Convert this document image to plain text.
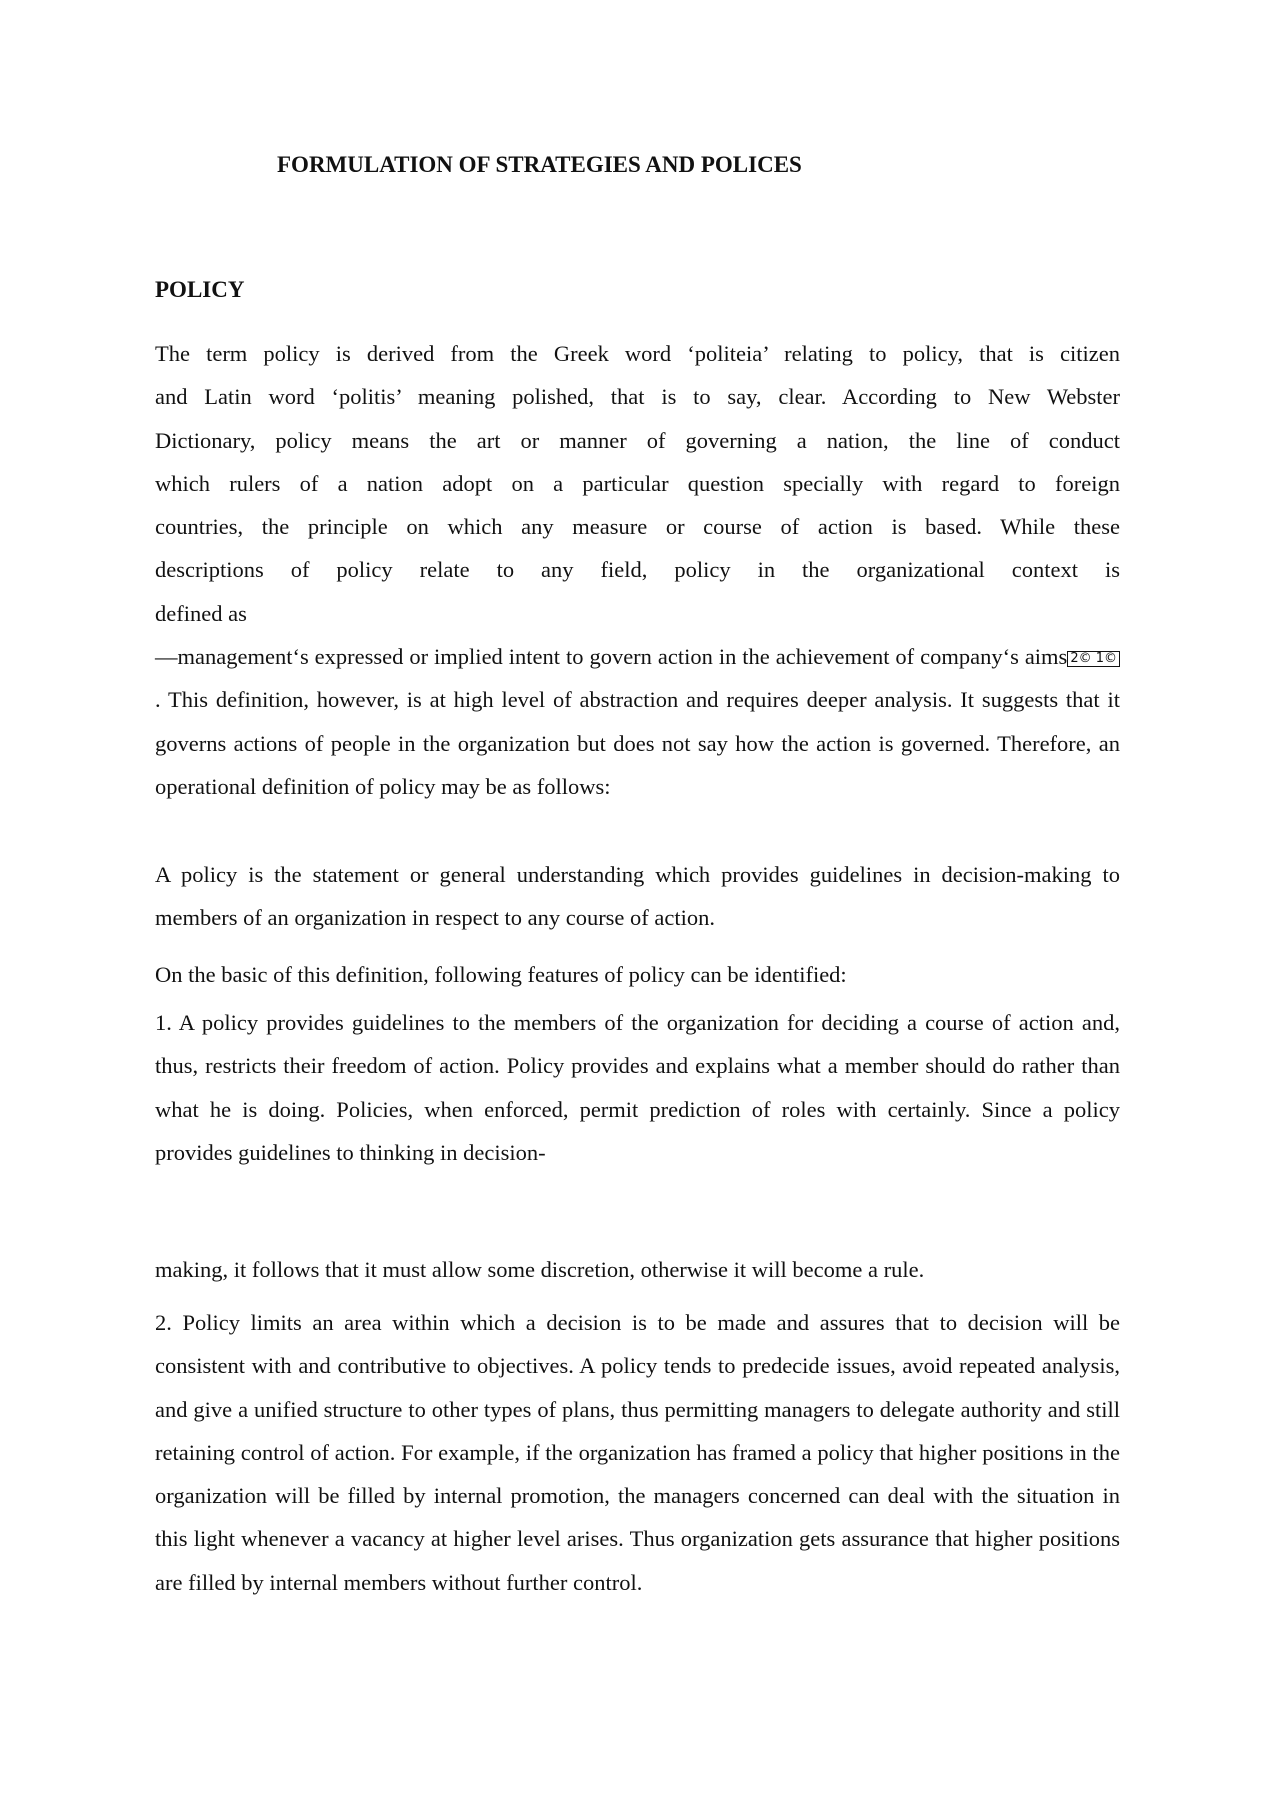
FORMULATION OF STRATEGIES AND POLICES
POLICY

The term policy is derived from the Greek word ‘politeia’ relating to policy, that is citizen

and Latin word ‘politis’ meaning polished, that is to say, clear. According to New Webster

Dictionary, policy means the art or manner of governing a nation, the line of conduct

which rulers of a nation adopt on a particular question specially with regard to foreign

countries, the principle on which any measure or course of action is based. While these

descriptions of policy relate to any field, policy in the organizational context is

defined as

—management‘s expressed or implied intent to govern action in the achievement of company‘s aims 2© 1©. This definition, however, is at high level of abstraction and requires deeper analysis. It suggests that it governs actions of people in the organization but does not say how the action is governed. Therefore, an operational definition of policy may be as follows:

A policy is the statement or general understanding which provides guidelines in decision-making to members of an organization in respect to any course of action.

On the basic of this definition, following features of policy can be identified:

1. A policy provides guidelines to the members of the organization for deciding a course of action and, thus, restricts their freedom of action. Policy provides and explains what a member should do rather than what he is doing. Policies, when enforced, permit prediction of roles with certainly. Since a policy provides guidelines to thinking in decision-

making, it follows that it must allow some discretion, otherwise it will become a rule.

2. Policy limits an area within which a decision is to be made and assures that to decision will be consistent with and contributive to objectives. A policy tends to predecide issues, avoid repeated analysis, and give a unified structure to other types of plans, thus permitting managers to delegate authority and still retaining control of action. For example, if the organization has framed a policy that higher positions in the organization will be filled by internal promotion, the managers concerned can deal with the situation in this light whenever a vacancy at higher level arises. Thus organization gets assurance that higher positions are filled by internal members without further control.
